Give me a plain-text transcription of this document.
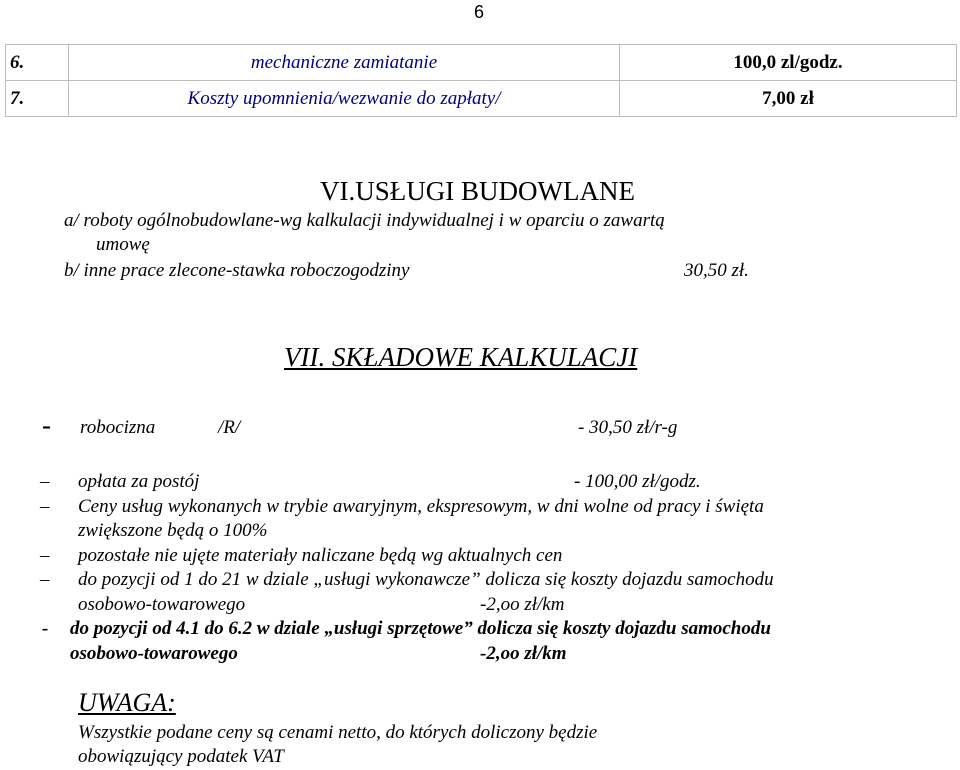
6
6.	mechaniczne zamiatanie	100,0 zl/godz.
7.	Koszty upomnienia/wezwanie do zapłaty/	7,00 zł
VI.USŁUGI BUDOWLANE
a/ roboty ogólnobudowlane-wg kalkulacji indywidualnej i w oparciu o zawartą
umowę
b/ inne prace zlecone-stawka roboczogodziny	30,50 zł.
VII. SKŁADOWE KALKULACJI
- robocizna	/R/	- 30,50 zł/r-g
– opłata za postój	- 100,00 zł/godz.
– Ceny usług wykonanych w trybie awaryjnym, ekspresowym, w dni wolne od pracy i święta
zwiększone będą o 100%
– pozostałe nie ujęte materiały naliczane będą wg aktualnych cen
– do pozycji od 1 do 21 w dziale „usługi wykonawcze” dolicza się koszty dojazdu samochodu
osobowo-towarowego	-2,oo zł/km
- do pozycji od 4.1 do 6.2 w dziale „usługi sprzętowe” dolicza się koszty dojazdu samochodu
osobowo-towarowego	-2,oo zł/km
UWAGA:
Wszystkie podane ceny są cenami netto, do których doliczony będzie
obowiązujący podatek VAT
